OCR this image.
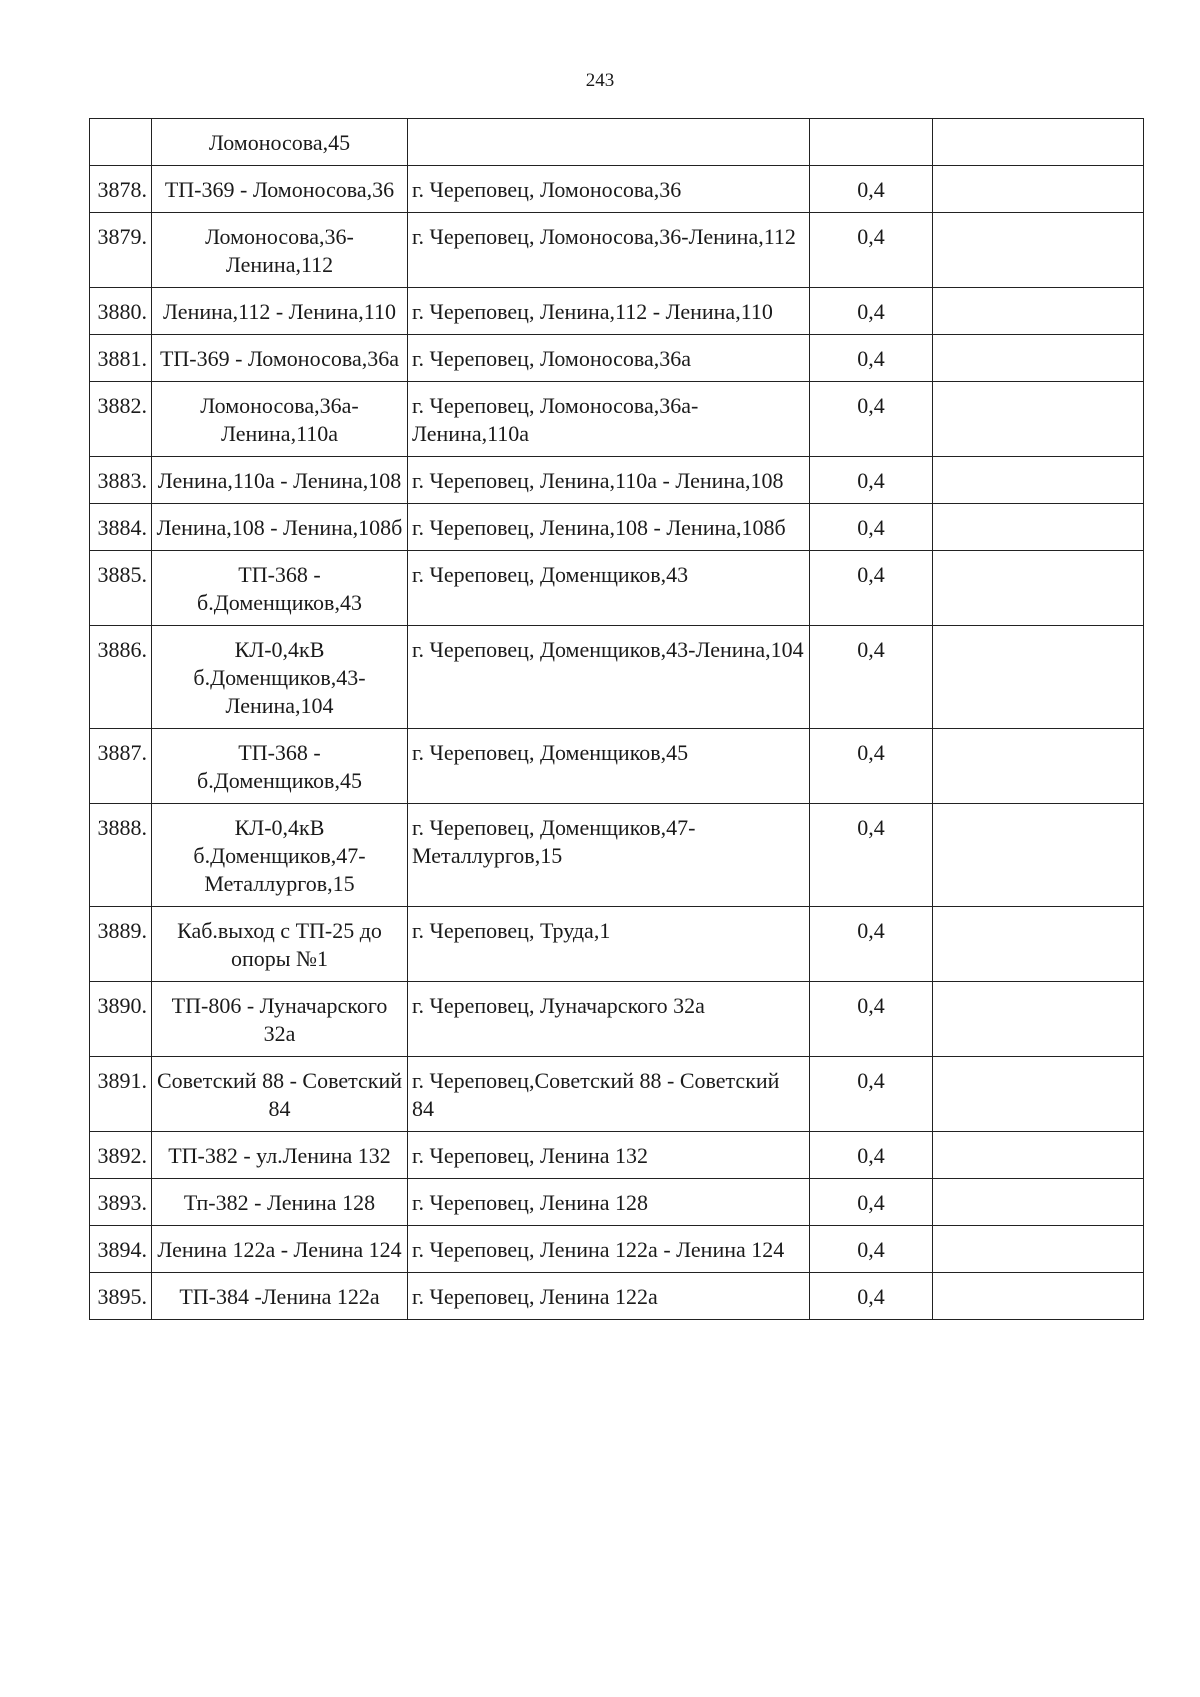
243
	Ломоносова,45			
3878.	ТП-369 - Ломоносова,36	г. Череповец, Ломоносова,36	0,4	
3879.	Ломоносова,36-Ленина,112	г. Череповец, Ломоносова,36-Ленина,112	0,4	
3880.	Ленина,112 - Ленина,110	г. Череповец, Ленина,112 - Ленина,110	0,4	
3881.	ТП-369 - Ломоносова,36а	г. Череповец, Ломоносова,36а	0,4	
3882.	Ломоносова,36а-Ленина,110а	г. Череповец, Ломоносова,36а-Ленина,110а	0,4	
3883.	Ленина,110а - Ленина,108	г. Череповец, Ленина,110а - Ленина,108	0,4	
3884.	Ленина,108 - Ленина,108б	г. Череповец, Ленина,108 - Ленина,108б	0,4	
3885.	ТП-368 - б.Доменщиков,43	г. Череповец, Доменщиков,43	0,4	
3886.	КЛ-0,4кВ б.Доменщиков,43-Ленина,104	г. Череповец, Доменщиков,43-Ленина,104	0,4	
3887.	ТП-368 - б.Доменщиков,45	г. Череповец, Доменщиков,45	0,4	
3888.	КЛ-0,4кВ б.Доменщиков,47-Металлургов,15	г. Череповец, Доменщиков,47-Металлургов,15	0,4	
3889.	Каб.выход с ТП-25 до опоры №1	г. Череповец, Труда,1	0,4	
3890.	ТП-806 - Луначарского 32а	г. Череповец, Луначарского 32а	0,4	
3891.	Советский 88 - Советский 84	г. Череповец,Советский 88 - Советский 84	0,4	
3892.	ТП-382 - ул.Ленина 132	г. Череповец, Ленина 132	0,4	
3893.	Тп-382 - Ленина 128	г. Череповец, Ленина 128	0,4	
3894.	Ленина 122а - Ленина 124	г. Череповец, Ленина 122а - Ленина 124	0,4	
3895.	ТП-384 -Ленина 122а	г. Череповец, Ленина 122а	0,4	
